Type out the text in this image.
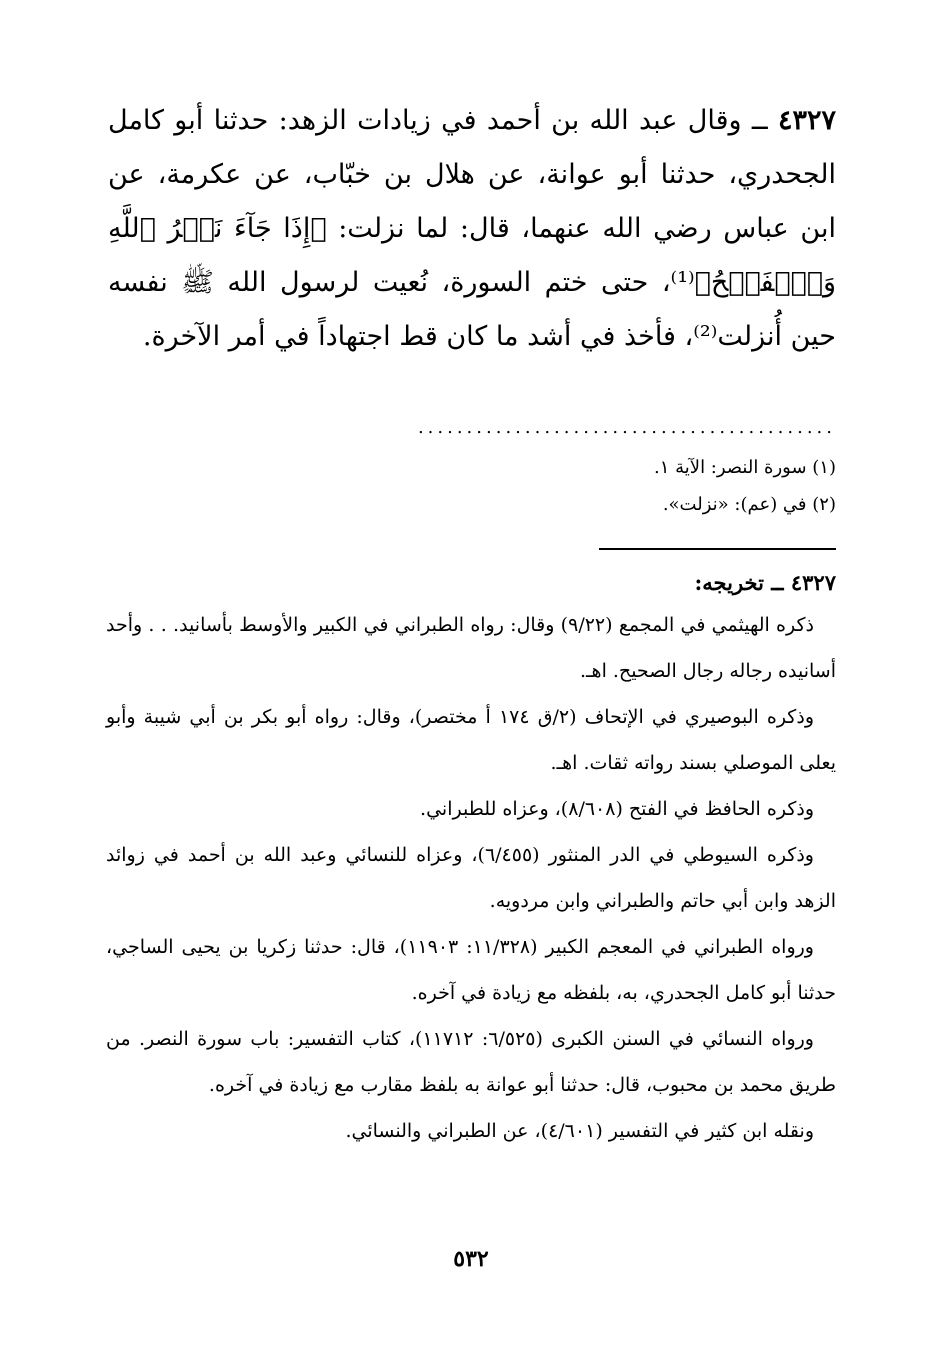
٤٣٢٧ ــ وقال عبد الله بن أحمد في زيادات الزهد: حدثنا أبو كامل الجحدري، حدثنا أبو عوانة، عن هلال بن خبّاب، عن عكرمة، عن ابن عباس رضي الله عنهما، قال: لما نزلت: ﴿إِذَا جَآءَ نَصۡرُ ٱللَّهِ وَٱلۡفَتۡحُ﴾⁽¹⁾، حتى ختم السورة، نُعيت لرسول الله ﷺ نفسه حين أُنزلت⁽²⁾، فأخذ في أشد ما كان قط اجتهاداً في أمر الآخرة.

...........................................

(١) سورة النصر: الآية ١.

(٢) في (عم): «نزلت».

٤٣٢٧ ــ تخريجه:

ذكره الهيثمي في المجمع (٩/٢٢) وقال: رواه الطبراني في الكبير والأوسط بأسانيد. . . وأحد أسانيده رجاله رجال الصحيح. اهـ.

وذكره البوصيري في الإتحاف (٢/ق ١٧٤ أ مختصر)، وقال: رواه أبو بكر بن أبي شيبة وأبو يعلى الموصلي بسند رواته ثقات. اهـ.

وذكره الحافظ في الفتح (٨/٦٠٨)، وعزاه للطبراني.

وذكره السيوطي في الدر المنثور (٦/٤٥٥)، وعزاه للنسائي وعبد الله بن أحمد في زوائد الزهد وابن أبي حاتم والطبراني وابن مردويه.

ورواه الطبراني في المعجم الكبير (١١/٣٢٨: ١١٩٠٣)، قال: حدثنا زكريا بن يحيى الساجي، حدثنا أبو كامل الجحدري، به، بلفظه مع زيادة في آخره.

ورواه النسائي في السنن الكبرى (٦/٥٢٥: ١١٧١٢)، كتاب التفسير: باب سورة النصر. من طريق محمد بن محبوب، قال: حدثنا أبو عوانة به بلفظ مقارب مع زيادة في آخره.

ونقله ابن كثير في التفسير (٤/٦٠١)، عن الطبراني والنسائي.

٥٣٢
